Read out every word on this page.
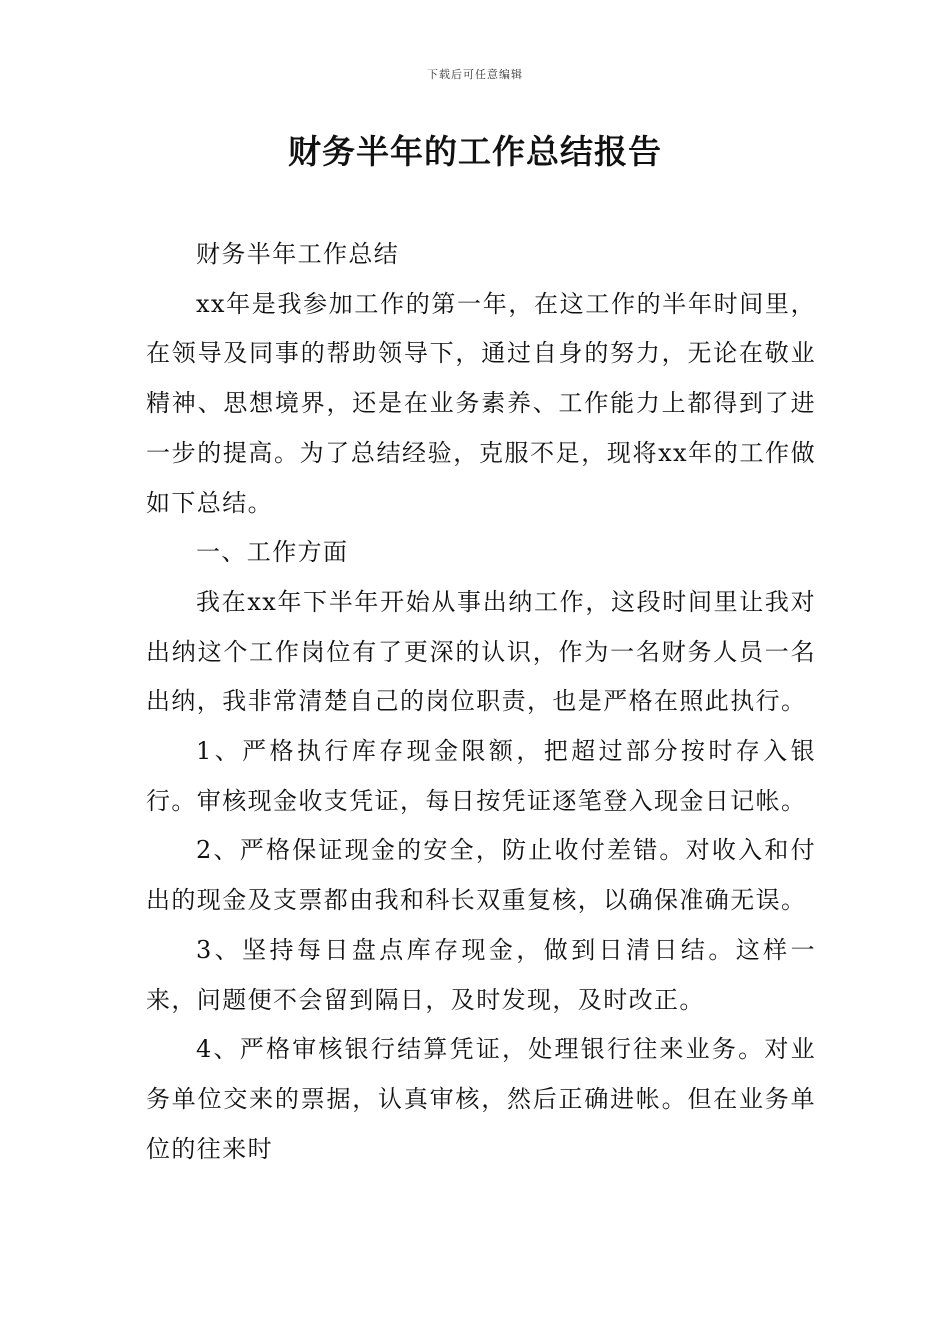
下载后可任意编辑
财务半年的工作总结报告

财务半年工作总结

xx年是我参加工作的第一年，在这工作的半年时间里，在领导及同事的帮助领导下，通过自身的努力，无论在敬业精神、思想境界，还是在业务素养、工作能力上都得到了进一步的提高。为了总结经验，克服不足，现将xx年的工作做如下总结。

一、工作方面

我在xx年下半年开始从事出纳工作，这段时间里让我对出纳这个工作岗位有了更深的认识，作为一名财务人员一名出纳，我非常清楚自己的岗位职责，也是严格在照此执行。

1、严格执行库存现金限额，把超过部分按时存入银行。审核现金收支凭证，每日按凭证逐笔登入现金日记帐。

2、严格保证现金的安全，防止收付差错。对收入和付出的现金及支票都由我和科长双重复核，以确保准确无误。

3、坚持每日盘点库存现金，做到日清日结。这样一来，问题便不会留到隔日，及时发现，及时改正。

4、严格审核银行结算凭证，处理银行往来业务。对业务单位交来的票据，认真审核，然后正确进帐。但在业务单位的往来时
